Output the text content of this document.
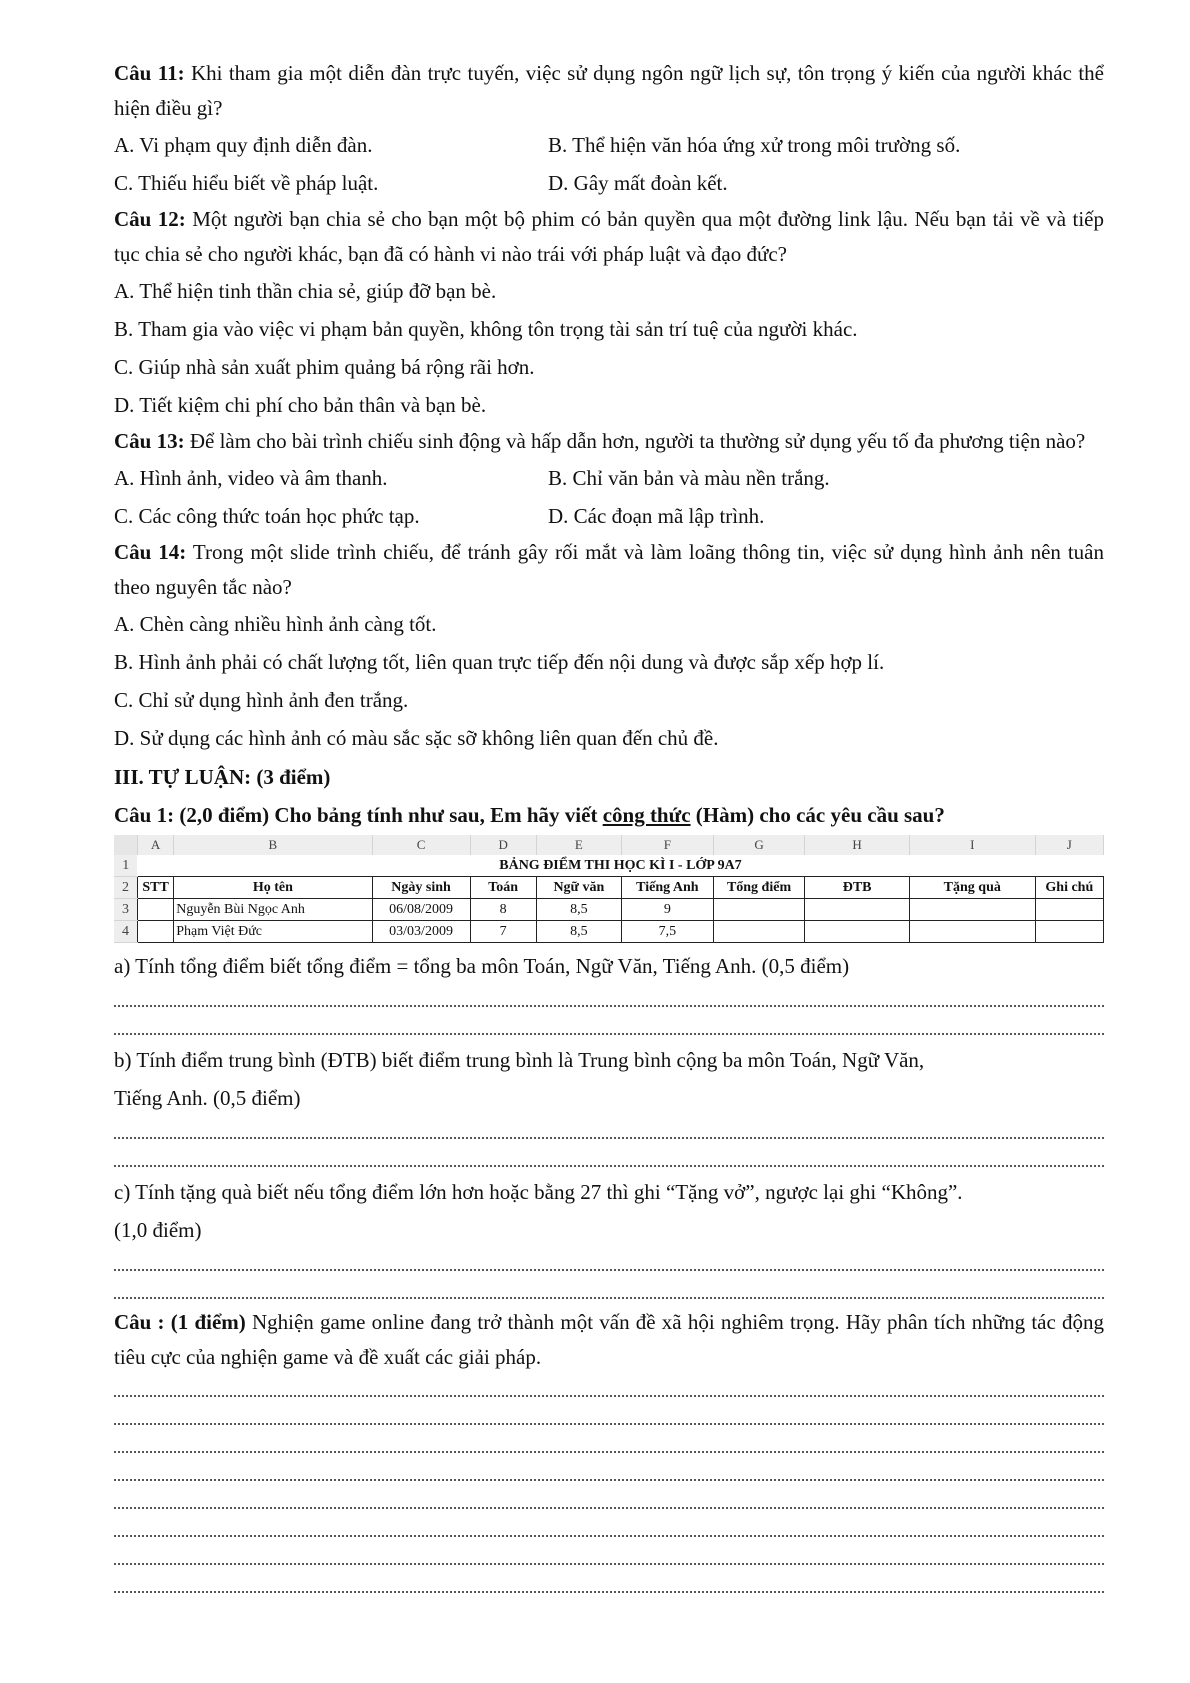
Câu 11: Khi tham gia một diễn đàn trực tuyến, việc sử dụng ngôn ngữ lịch sự, tôn trọng ý kiến của người khác thể hiện điều gì?

A. Vi phạm quy định diễn đàn.	B. Thể hiện văn hóa ứng xử trong môi trường số.
C. Thiếu hiểu biết về pháp luật.	D. Gây mất đoàn kết.

Câu 12: Một người bạn chia sẻ cho bạn một bộ phim có bản quyền qua một đường link lậu. Nếu bạn tải về và tiếp tục chia sẻ cho người khác, bạn đã có hành vi nào trái với pháp luật và đạo đức?

A. Thể hiện tinh thần chia sẻ, giúp đỡ bạn bè.

B. Tham gia vào việc vi phạm bản quyền, không tôn trọng tài sản trí tuệ của người khác.

C. Giúp nhà sản xuất phim quảng bá rộng rãi hơn.

D. Tiết kiệm chi phí cho bản thân và bạn bè.

Câu 13: Để làm cho bài trình chiếu sinh động và hấp dẫn hơn, người ta thường sử dụng yếu tố đa phương tiện nào?

A. Hình ảnh, video và âm thanh.	B. Chỉ văn bản và màu nền trắng.
C. Các công thức toán học phức tạp.	D. Các đoạn mã lập trình.

Câu 14: Trong một slide trình chiếu, để tránh gây rối mắt và làm loãng thông tin, việc sử dụng hình ảnh nên tuân theo nguyên tắc nào?

A. Chèn càng nhiều hình ảnh càng tốt.

B. Hình ảnh phải có chất lượng tốt, liên quan trực tiếp đến nội dung và được sắp xếp hợp lí.

C. Chỉ sử dụng hình ảnh đen trắng.

D. Sử dụng các hình ảnh có màu sắc sặc sỡ không liên quan đến chủ đề.

III. TỰ LUẬN: (3 điểm)

Câu 1: (2,0 điểm) Cho bảng tính như sau, Em hãy viết công thức (Hàm) cho các yêu cầu sau?

	A	B	C	D	E	F	G	H	I	J
1	BẢNG ĐIỂM THI HỌC KÌ I - LỚP 9A7									
2	STT	Họ tên	Ngày sinh	Toán	Ngữ văn	Tiếng Anh	Tổng điểm	ĐTB	Tặng quà	Ghi chú
3		Nguyễn Bùi Ngọc Anh	06/08/2009	8	8,5	9				
4		Phạm Việt Đức	03/03/2009	7	8,5	7,5				

a) Tính tổng điểm biết tổng điểm = tổng ba môn Toán, Ngữ Văn, Tiếng Anh. (0,5 điểm)

b) Tính điểm trung bình (ĐTB) biết điểm trung bình là Trung bình cộng ba môn Toán, Ngữ Văn,

Tiếng Anh. (0,5 điểm)

c) Tính tặng quà biết nếu tổng điểm lớn hơn hoặc bằng 27 thì ghi “Tặng vở”, ngược lại ghi “Không”.

(1,0 điểm)

Câu : (1 điểm) Nghiện game online đang trở thành một vấn đề xã hội nghiêm trọng. Hãy phân tích những tác động tiêu cực của nghiện game và đề xuất các giải pháp.
